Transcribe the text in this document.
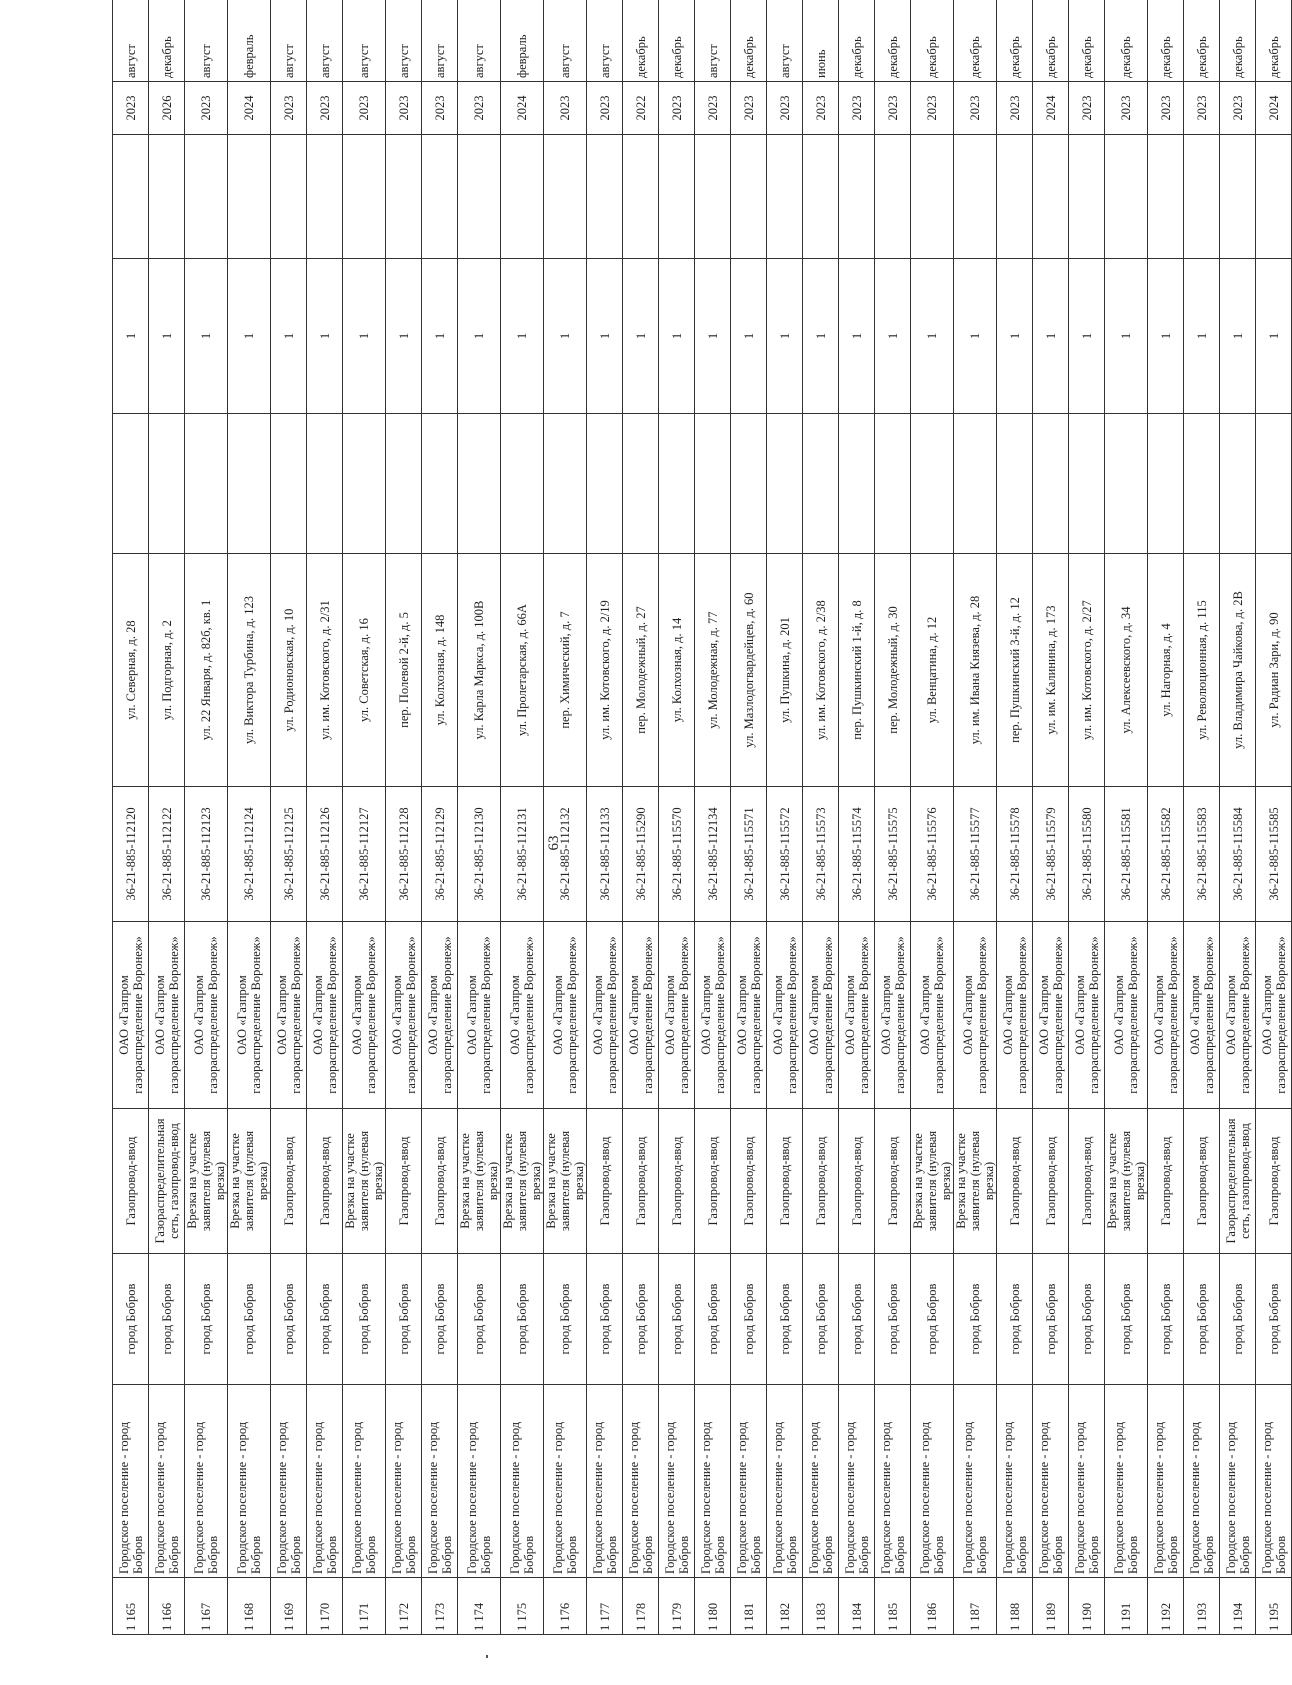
63
1 165	Городское поселение - город Бобров	город Бобров	Газопровод-ввод	ОАО «Газпром газораспределение Воронеж»	36-21-885-112120	ул. Северная, д. 28		1		2023	август
1 166	Городское поселение - город Бобров	город Бобров	Газораспределительная сеть, газопровод-ввод	ОАО «Газпром газораспределение Воронеж»	36-21-885-112122	ул. Подгорная, д. 2		1		2026	декабрь
1 167	Городское поселение - город Бобров	город Бобров	Врезка на участке заявителя (нулевая врезка)	ОАО «Газпром газораспределение Воронеж»	36-21-885-112123	ул. 22 Января, д. 82б, кв. 1		1		2023	август
1 168	Городское поселение - город Бобров	город Бобров	Врезка на участке заявителя (нулевая врезка)	ОАО «Газпром газораспределение Воронеж»	36-21-885-112124	ул. Виктора Турбина, д. 123		1		2024	февраль
1 169	Городское поселение - город Бобров	город Бобров	Газопровод-ввод	ОАО «Газпром газораспределение Воронеж»	36-21-885-112125	ул. Родионовская, д. 10		1		2023	август
1 170	Городское поселение - город Бобров	город Бобров	Газопровод-ввод	ОАО «Газпром газораспределение Воронеж»	36-21-885-112126	ул. им. Котовского, д. 2/31		1		2023	август
1 171	Городское поселение - город Бобров	город Бобров	Врезка на участке заявителя (нулевая врезка)	ОАО «Газпром газораспределение Воронеж»	36-21-885-112127	ул. Советская, д. 16		1		2023	август
1 172	Городское поселение - город Бобров	город Бобров	Газопровод-ввод	ОАО «Газпром газораспределение Воронеж»	36-21-885-112128	пер. Полевой 2-й, д. 5		1		2023	август
1 173	Городское поселение - город Бобров	город Бобров	Газопровод-ввод	ОАО «Газпром газораспределение Воронеж»	36-21-885-112129	ул. Колхозная, д. 148		1		2023	август
1 174	Городское поселение - город Бобров	город Бобров	Врезка на участке заявителя (нулевая врезка)	ОАО «Газпром газораспределение Воронеж»	36-21-885-112130	ул. Карла Маркса, д. 100В		1		2023	август
1 175	Городское поселение - город Бобров	город Бобров	Врезка на участке заявителя (нулевая врезка)	ОАО «Газпром газораспределение Воронеж»	36-21-885-112131	ул. Пролетарская, д. 66А		1		2024	февраль
1 176	Городское поселение - город Бобров	город Бобров	Врезка на участке заявителя (нулевая врезка)	ОАО «Газпром газораспределение Воронеж»	36-21-885-112132	пер. Химический, д. 7		1		2023	август
1 177	Городское поселение - город Бобров	город Бобров	Газопровод-ввод	ОАО «Газпром газораспределение Воронеж»	36-21-885-112133	ул. им. Котовского, д. 2/19		1		2023	август
1 178	Городское поселение - город Бобров	город Бобров	Газопровод-ввод	ОАО «Газпром газораспределение Воронеж»	36-21-885-115290	пер. Молодежный, д. 27		1		2022	декабрь
1 179	Городское поселение - город Бобров	город Бобров	Газопровод-ввод	ОАО «Газпром газораспределение Воронеж»	36-21-885-115570	ул. Колхозная, д. 14		1		2023	декабрь
1 180	Городское поселение - город Бобров	город Бобров	Газопровод-ввод	ОАО «Газпром газораспределение Воронеж»	36-21-885-112134	ул. Молодежная, д. 77		1		2023	август
1 181	Городское поселение - город Бобров	город Бобров	Газопровод-ввод	ОАО «Газпром газораспределение Воронеж»	36-21-885-115571	ул. Мазлодогвардейцев, д. 60		1		2023	декабрь
1 182	Городское поселение - город Бобров	город Бобров	Газопровод-ввод	ОАО «Газпром газораспределение Воронеж»	36-21-885-115572	ул. Пушкина, д. 201		1		2023	август
1 183	Городское поселение - город Бобров	город Бобров	Газопровод-ввод	ОАО «Газпром газораспределение Воронеж»	36-21-885-115573	ул. им. Котовского, д. 2/38		1		2023	июнь
1 184	Городское поселение - город Бобров	город Бобров	Газопровод-ввод	ОАО «Газпром газораспределение Воронеж»	36-21-885-115574	пер. Пушкинский 1-й, д. 8		1		2023	декабрь
1 185	Городское поселение - город Бобров	город Бобров	Газопровод-ввод	ОАО «Газпром газораспределение Воронеж»	36-21-885-115575	пер. Молодежный, д. 30		1		2023	декабрь
1 186	Городское поселение - город Бобров	город Бобров	Врезка на участке заявителя (нулевая врезка)	ОАО «Газпром газораспределение Воронеж»	36-21-885-115576	ул. Венцатина, д. 12		1		2023	декабрь
1 187	Городское поселение - город Бобров	город Бобров	Врезка на участке заявителя (нулевая врезка)	ОАО «Газпром газораспределение Воронеж»	36-21-885-115577	ул. им. Ивана Князева, д. 28		1		2023	декабрь
1 188	Городское поселение - город Бобров	город Бобров	Газопровод-ввод	ОАО «Газпром газораспределение Воронеж»	36-21-885-115578	пер. Пушкинский 3-й, д. 12		1		2023	декабрь
1 189	Городское поселение - город Бобров	город Бобров	Газопровод-ввод	ОАО «Газпром газораспределение Воронеж»	36-21-885-115579	ул. им. Калинина, д. 173		1		2024	декабрь
1 190	Городское поселение - город Бобров	город Бобров	Газопровод-ввод	ОАО «Газпром газораспределение Воронеж»	36-21-885-115580	ул. им. Котовского, д. 2/27		1		2023	декабрь
1 191	Городское поселение - город Бобров	город Бобров	Врезка на участке заявителя (нулевая врезка)	ОАО «Газпром газораспределение Воронеж»	36-21-885-115581	ул. Алексеевского, д. 34		1		2023	декабрь
1 192	Городское поселение - город Бобров	город Бобров	Газопровод-ввод	ОАО «Газпром газораспределение Воронеж»	36-21-885-115582	ул. Нагорная, д. 4		1		2023	декабрь
1 193	Городское поселение - город Бобров	город Бобров	Газопровод-ввод	ОАО «Газпром газораспределение Воронеж»	36-21-885-115583	ул. Революционная, д. 115		1		2023	декабрь
1 194	Городское поселение - город Бобров	город Бобров	Газораспределительная сеть, газопровод-ввод	ОАО «Газпром газораспределение Воронеж»	36-21-885-115584	ул. Владимира Чайкова, д. 2В		1		2023	декабрь
1 195	Городское поселение - город Бобров	город Бобров	Газопровод-ввод	ОАО «Газпром газораспределение Воронеж»	36-21-885-115585	ул. Радиан Зари, д. 90		1		2024	декабрь
